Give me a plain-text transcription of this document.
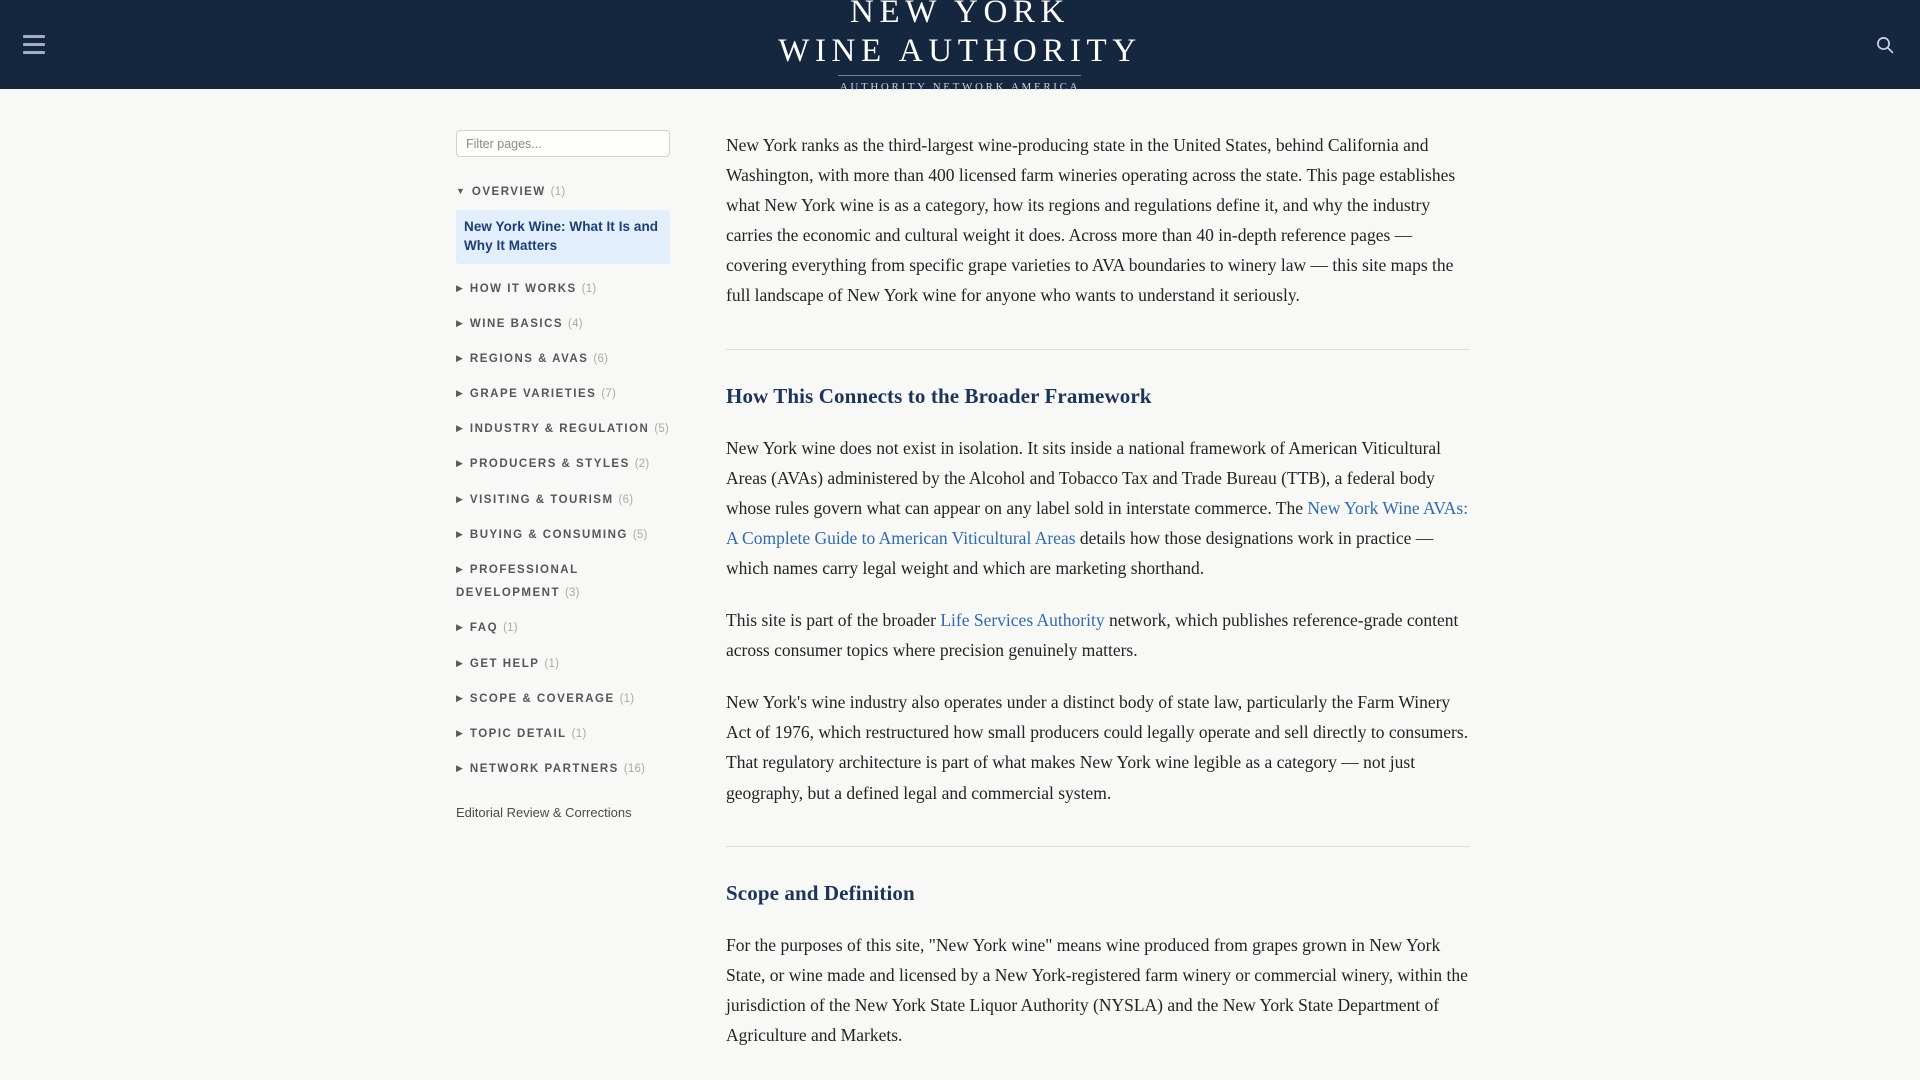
NEW YORK
WINE AUTHORITY
AUTHORITY NETWORK AMERICA
Filter pages...
▼ OVERVIEW (1)
New York Wine: What It Is and Why It Matters
▶ HOW IT WORKS (1)
▶ WINE BASICS (4)
▶ REGIONS & AVAS (6)
▶ GRAPE VARIETIES (7)
▶ INDUSTRY & REGULATION (5)
▶ PRODUCERS & STYLES (2)
▶ VISITING & TOURISM (6)
▶ BUYING & CONSUMING (5)
▶ PROFESSIONAL DEVELOPMENT (3)
▶ FAQ (1)
▶ GET HELP (1)
▶ SCOPE & COVERAGE (1)
▶ TOPIC DETAIL (1)
▶ NETWORK PARTNERS (16)
Editorial Review & Corrections

New York ranks as the third-largest wine-producing state in the United States, behind California and Washington, with more than 400 licensed farm wineries operating across the state. This page establishes what New York wine is as a category, how its regions and regulations define it, and why the industry carries the economic and cultural weight it does. Across more than 40 in-depth reference pages — covering everything from specific grape varieties to AVA boundaries to winery law — this site maps the full landscape of New York wine for anyone who wants to understand it seriously.

How This Connects to the Broader Framework

New York wine does not exist in isolation. It sits inside a national framework of American Viticultural Areas (AVAs) administered by the Alcohol and Tobacco Tax and Trade Bureau (TTB), a federal body whose rules govern what can appear on any label sold in interstate commerce. The New York Wine AVAs: A Complete Guide to American Viticultural Areas details how those designations work in practice — which names carry legal weight and which are marketing shorthand.

This site is part of the broader Life Services Authority network, which publishes reference-grade content across consumer topics where precision genuinely matters.

New York's wine industry also operates under a distinct body of state law, particularly the Farm Winery Act of 1976, which restructured how small producers could legally operate and sell directly to consumers. That regulatory architecture is part of what makes New York wine legible as a category — not just geography, but a defined legal and commercial system.

Scope and Definition

For the purposes of this site, "New York wine" means wine produced from grapes grown in New York State, or wine made and licensed by a New York-registered farm winery or commercial winery, within the jurisdiction of the New York State Liquor Authority (NYSLA) and the New York State Department of Agriculture and Markets.
